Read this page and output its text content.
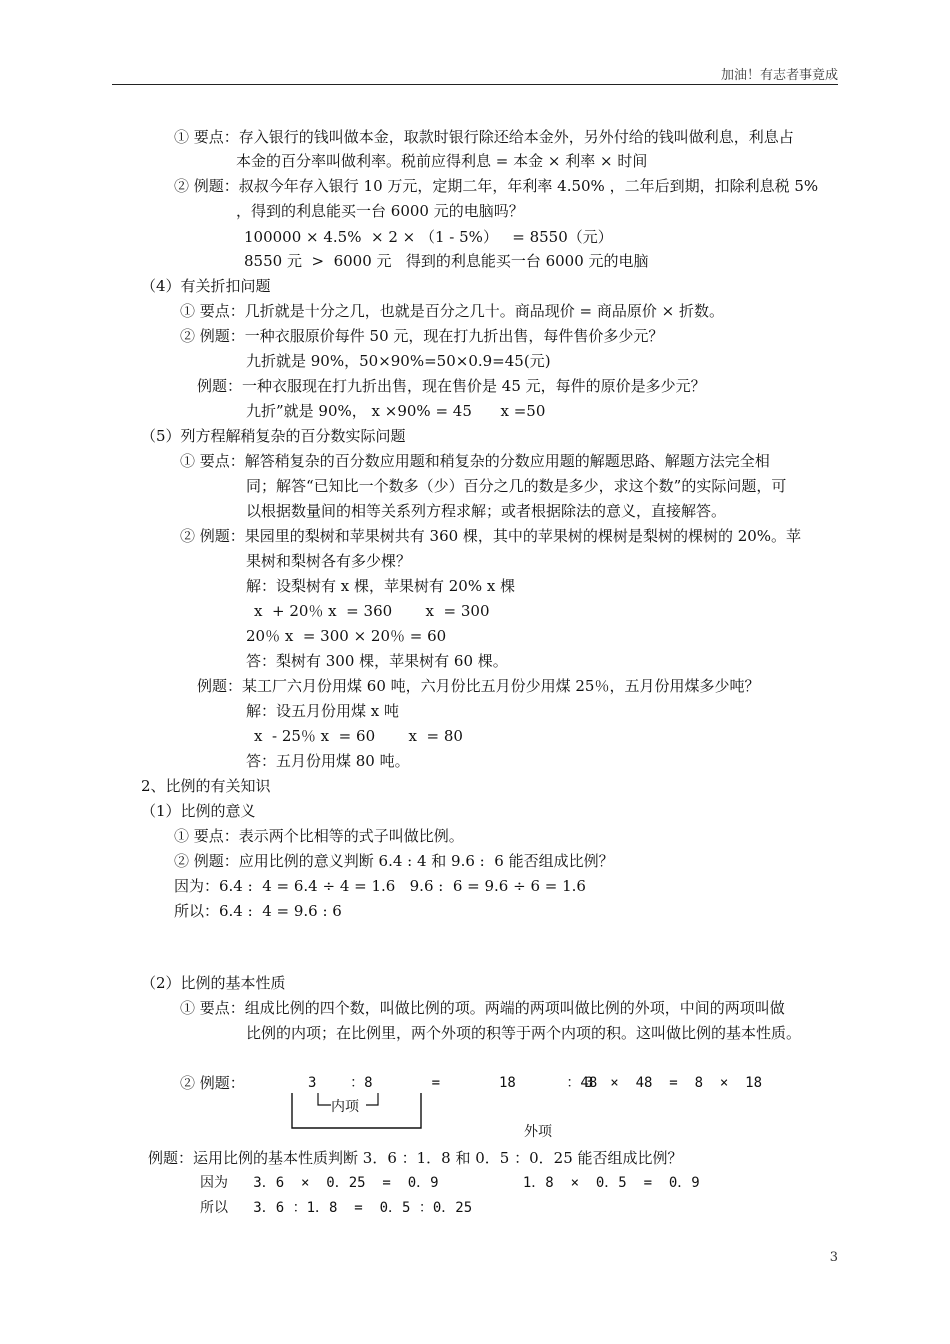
加油！有志者事竟成
① 要点：存入银行的钱叫做本金，取款时银行除还给本金外，另外付给的钱叫做利息，利息占
本金的百分率叫做利率。税前应得利息 = 本金 × 利率 × 时间
② 例题：叔叔今年存入银行 10 万元，定期二年，年利率 4.50% ，二年后到期，扣除利息税 5%
，得到的利息能买一台 6000 元的电脑吗？
100000 × 4.5%  × 2 × （1 - 5%）   = 8550（元）
8550 元  >  6000 元   得到的利息能买一台 6000 元的电脑
（4）有关折扣问题
① 要点：几折就是十分之几，也就是百分之几十。商品现价 = 商品原价 × 折数。
② 例题：一种衣服原价每件 50 元，现在打九折出售，每件售价多少元？
九折就是 90%，50×90%=50×0.9=45(元)
例题：一种衣服现在打九折出售，现在售价是 45 元，每件的原价是多少元？
九折”就是 90%， x ×90% = 45      x =50
（5）列方程解稍复杂的百分数实际问题
① 要点：解答稍复杂的百分数应用题和稍复杂的分数应用题的解题思路、解题方法完全相
同；解答“已知比一个数多（少）百分之几的数是多少，求这个数”的实际问题，可
以根据数量间的相等关系列方程求解；或者根据除法的意义，直接解答。
② 例题：果园里的梨树和苹果树共有 360 棵，其中的苹果树的棵树是梨树的棵树的 20%。苹
果树和梨树各有多少棵？
解：设梨树有 x 棵，苹果树有 20% x 棵
x  + 20％ x  = 360       x  = 300
20％ x  = 300 × 20％ = 60
答：梨树有 300 棵，苹果树有 60 棵。
例题：某工厂六月份用煤 60 吨，六月份比五月份少用煤 25％，五月份用煤多少吨？
解：设五月份用煤 x 吨
x  - 25％ x  = 60       x  = 80
答：五月份用煤 80 吨。
2、比例的有关知识
（1）比例的意义
① 要点：表示两个比相等的式子叫做比例。
② 例题：应用比例的意义判断 6.4 : 4 和 9.6 :  6 能否组成比例？
因为：6.4 :  4 = 6.4 ÷ 4 = 1.6   9.6 :  6 = 9.6 ÷ 6 = 1.6
所以：6.4 :  4 = 9.6 : 6
（2）比例的基本性质
① 要点：组成比例的四个数，叫做比例的项。两端的两项叫做比例的外项，中间的两项叫做
比例的内项；在比例里，两个外项的积等于两个内项的积。这叫做比例的基本性质。
② 例题：	3    ：8       =       18      ：48
3  ×  48  =  8  ×  18
内项
外项
例题：运用比例的基本性质判断 3．6 ：1．8 和 0．5 ：0．25 能否组成比例？
因为   3．6  ×  0．25  =  0．9          1．8  ×  0．5  =  0．9
所以   3．6 ：1．8  =  0．5 ：0．25
3
